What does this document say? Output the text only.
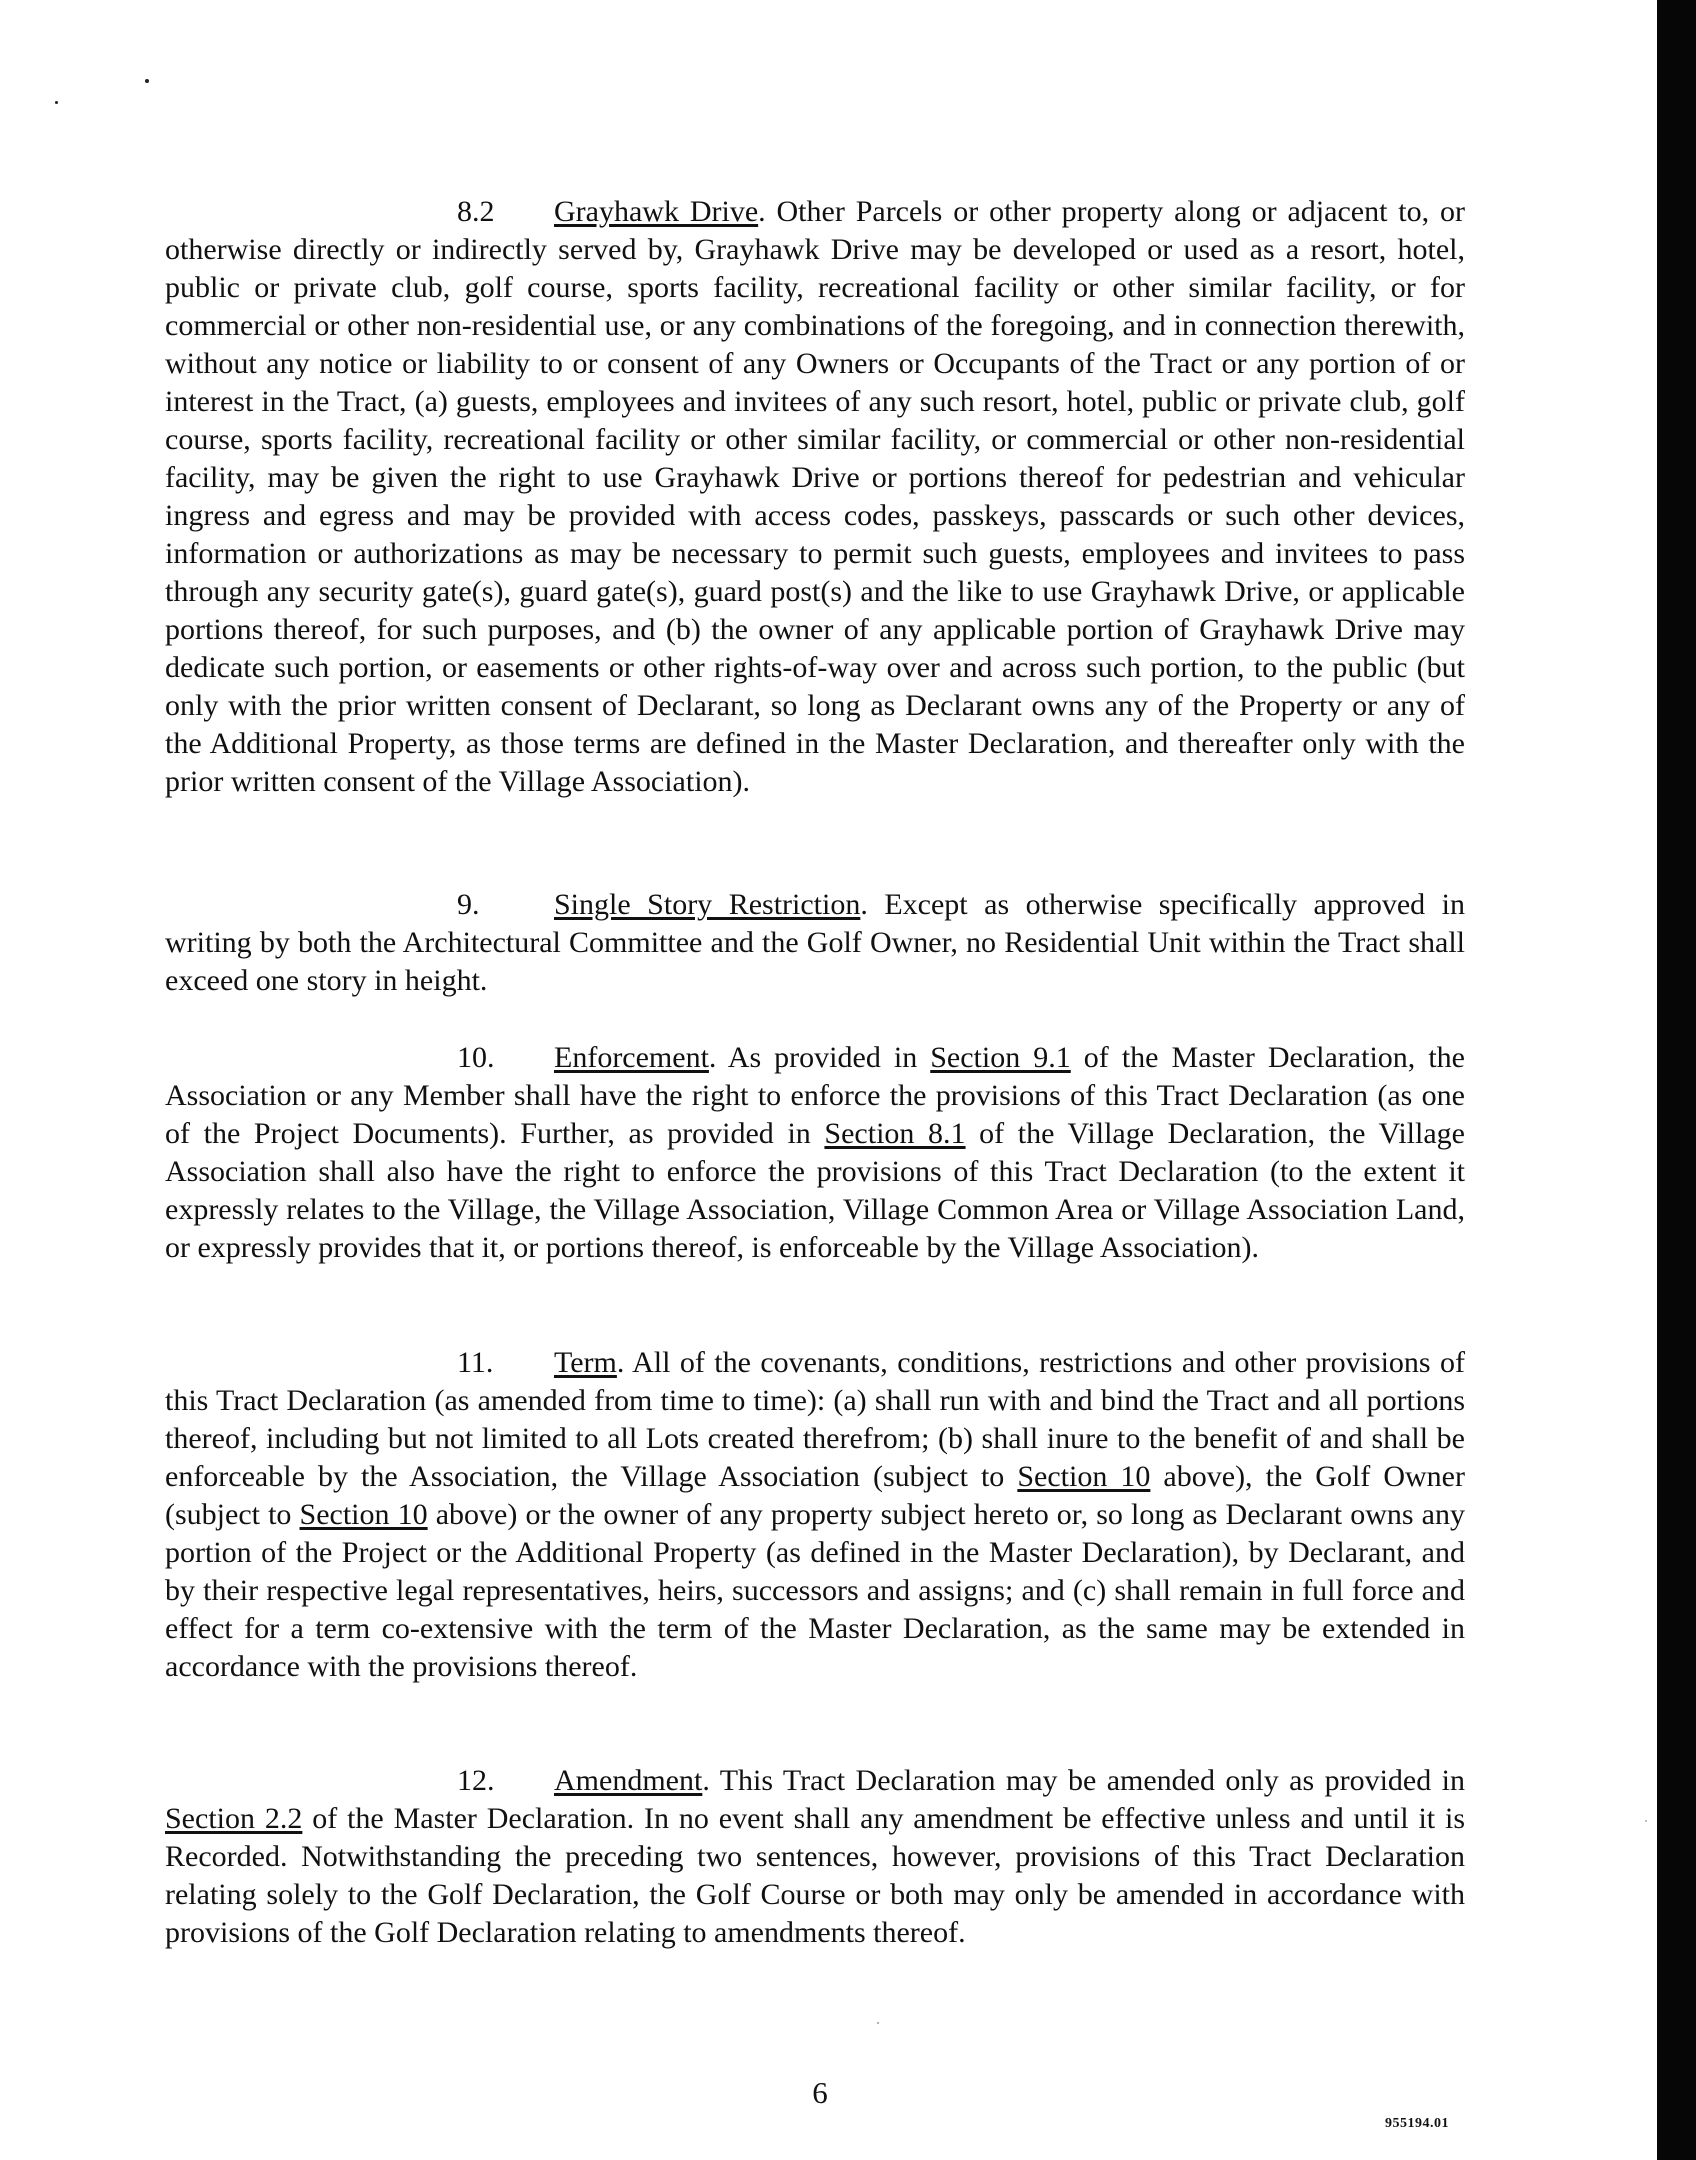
8.2 Grayhawk Drive. Other Parcels or other property along or adjacent to, or otherwise directly or indirectly served by, Grayhawk Drive may be developed or used as a resort, hotel, public or private club, golf course, sports facility, recreational facility or other similar facility, or for commercial or other non-residential use, or any combinations of the foregoing, and in connection therewith, without any notice or liability to or consent of any Owners or Occupants of the Tract or any portion of or interest in the Tract, (a) guests, employees and invitees of any such resort, hotel, public or private club, golf course, sports facility, recreational facility or other similar facility, or commercial or other non-residential facility, may be given the right to use Grayhawk Drive or portions thereof for pedestrian and vehicular ingress and egress and may be provided with access codes, passkeys, passcards or such other devices, information or authorizations as may be necessary to permit such guests, employees and invitees to pass through any security gate(s), guard gate(s), guard post(s) and the like to use Grayhawk Drive, or applicable portions thereof, for such purposes, and (b) the owner of any applicable portion of Grayhawk Drive may dedicate such portion, or easements or other rights-of-way over and across such portion, to the public (but only with the prior written consent of Declarant, so long as Declarant owns any of the Property or any of the Additional Property, as those terms are defined in the Master Declaration, and thereafter only with the prior written consent of the Village Association).

9. Single Story Restriction. Except as otherwise specifically approved in writing by both the Architectural Committee and the Golf Owner, no Residential Unit within the Tract shall exceed one story in height.

10. Enforcement. As provided in Section 9.1 of the Master Declaration, the Association or any Member shall have the right to enforce the provisions of this Tract Declaration (as one of the Project Documents). Further, as provided in Section 8.1 of the Village Declaration, the Village Association shall also have the right to enforce the provisions of this Tract Declaration (to the extent it expressly relates to the Village, the Village Association, Village Common Area or Village Association Land, or expressly provides that it, or portions thereof, is enforceable by the Village Association).

11. Term. All of the covenants, conditions, restrictions and other provisions of this Tract Declaration (as amended from time to time): (a) shall run with and bind the Tract and all portions thereof, including but not limited to all Lots created therefrom; (b) shall inure to the benefit of and shall be enforceable by the Association, the Village Association (subject to Section 10 above), the Golf Owner (subject to Section 10 above) or the owner of any property subject hereto or, so long as Declarant owns any portion of the Project or the Additional Property (as defined in the Master Declaration), by Declarant, and by their respective legal representatives, heirs, successors and assigns; and (c) shall remain in full force and effect for a term co-extensive with the term of the Master Declaration, as the same may be extended in accordance with the provisions thereof.

12. Amendment. This Tract Declaration may be amended only as provided in Section 2.2 of the Master Declaration. In no event shall any amendment be effective unless and until it is Recorded. Notwithstanding the preceding two sentences, however, provisions of this Tract Declaration relating solely to the Golf Declaration, the Golf Course or both may only be amended in accordance with provisions of the Golf Declaration relating to amendments thereof.

6
955194.01
